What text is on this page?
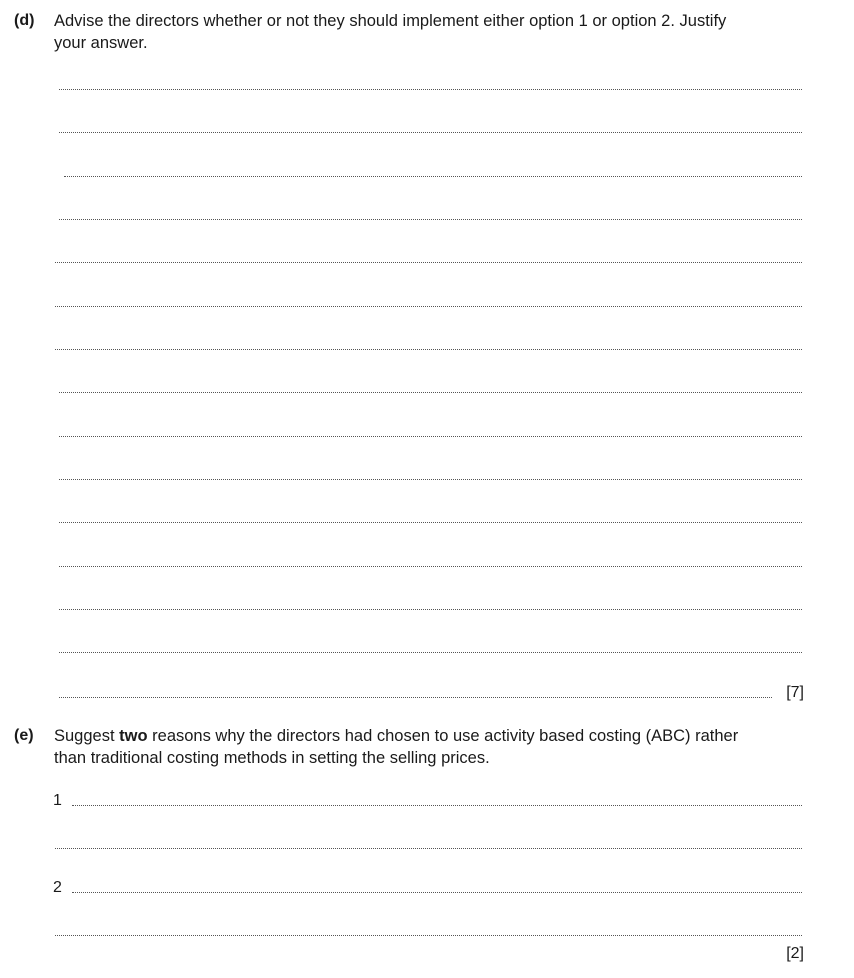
(d) Advise the directors whether or not they should implement either option 1 or option 2. Justify
your answer.
[7]
(e) Suggest two reasons why the directors had chosen to use activity based costing (ABC) rather
than traditional costing methods in setting the selling prices.
1
2
[2]
